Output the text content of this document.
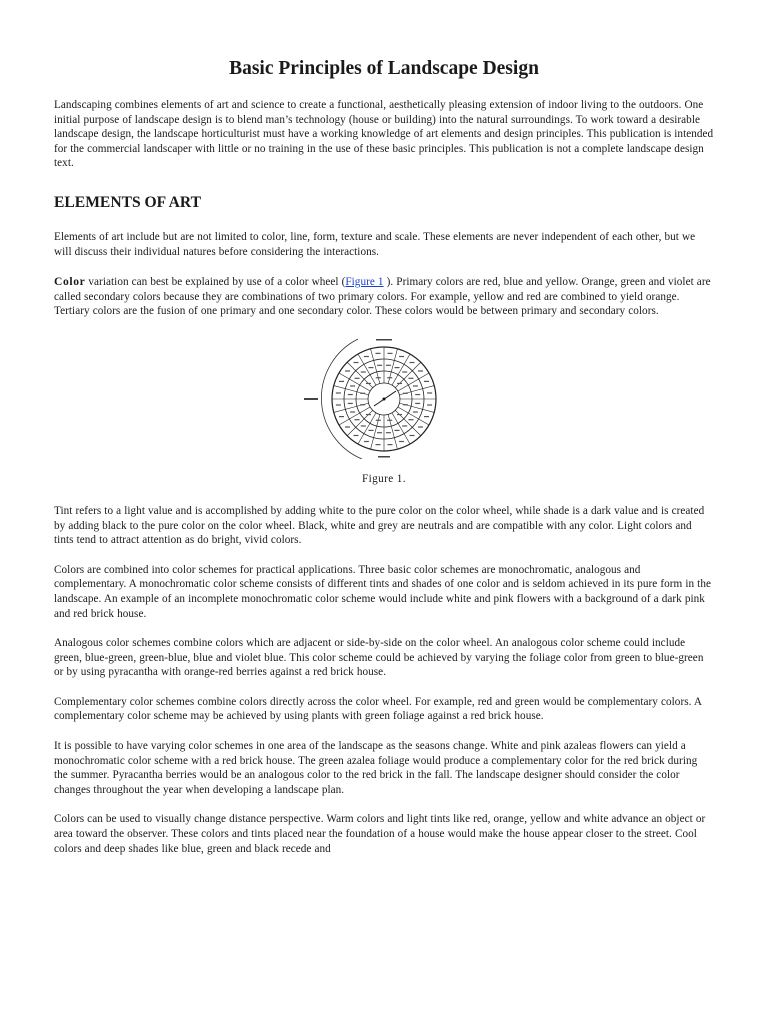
Basic Principles of Landscape Design

Landscaping combines elements of art and science to create a functional, aesthetically pleasing extension of indoor living to the outdoors. One initial purpose of landscape design is to blend man’s technology (house or building) into the natural surroundings. To work toward a desirable landscape design, the landscape horticulturist must have a working knowledge of art elements and design principles. This publication is intended for the commercial landscaper with little or no training in the use of these basic principles. This publication is not a complete landscape design text.

ELEMENTS OF ART

Elements of art include but are not limited to color, line, form, texture and scale. These elements are never independent of each other, but we will discuss their individual natures before considering the interactions.

Color variation can best be explained by use of a color wheel (Figure 1 ). Primary colors are red, blue and yellow. Orange, green and violet are called secondary colors because they are combinations of two primary colors. For example, yellow and red are combined to yield orange. Tertiary colors are the fusion of one primary and one secondary color. These colors would be between primary and secondary colors.

Figure 1.

Tint refers to a light value and is accomplished by adding white to the pure color on the color wheel, while shade is a dark value and is created by adding black to the pure color on the color wheel. Black, white and grey are neutrals and are compatible with any color. Light colors and tints tend to attract attention as do bright, vivid colors.

Colors are combined into color schemes for practical applications. Three basic color schemes are monochromatic, analogous and complementary. A monochromatic color scheme consists of different tints and shades of one color and is seldom achieved in its pure form in the landscape. An example of an incomplete monochromatic color scheme would include white and pink flowers with a background of a dark pink and red brick house.

Analogous color schemes combine colors which are adjacent or side-by-side on the color wheel. An analogous color scheme could include green, blue-green, green-blue, blue and violet blue. This color scheme could be achieved by varying the foliage color from green to blue-green or by using pyracantha with orange-red berries against a red brick house.

Complementary color schemes combine colors directly across the color wheel. For example, red and green would be complementary colors. A complementary color scheme may be achieved by using plants with green foliage against a red brick house.

It is possible to have varying color schemes in one area of the landscape as the seasons change. White and pink azaleas flowers can yield a monochromatic color scheme with a red brick house. The green azalea foliage would produce a complementary color for the red brick during the summer. Pyracantha berries would be an analogous color to the red brick in the fall. The landscape designer should consider the color changes throughout the year when developing a landscape plan.

Colors can be used to visually change distance perspective. Warm colors and light tints like red, orange, yellow and white advance an object or area toward the observer. These colors and tints placed near the foundation of a house would make the house appear closer to the street. Cool colors and deep shades like blue, green and black recede and
